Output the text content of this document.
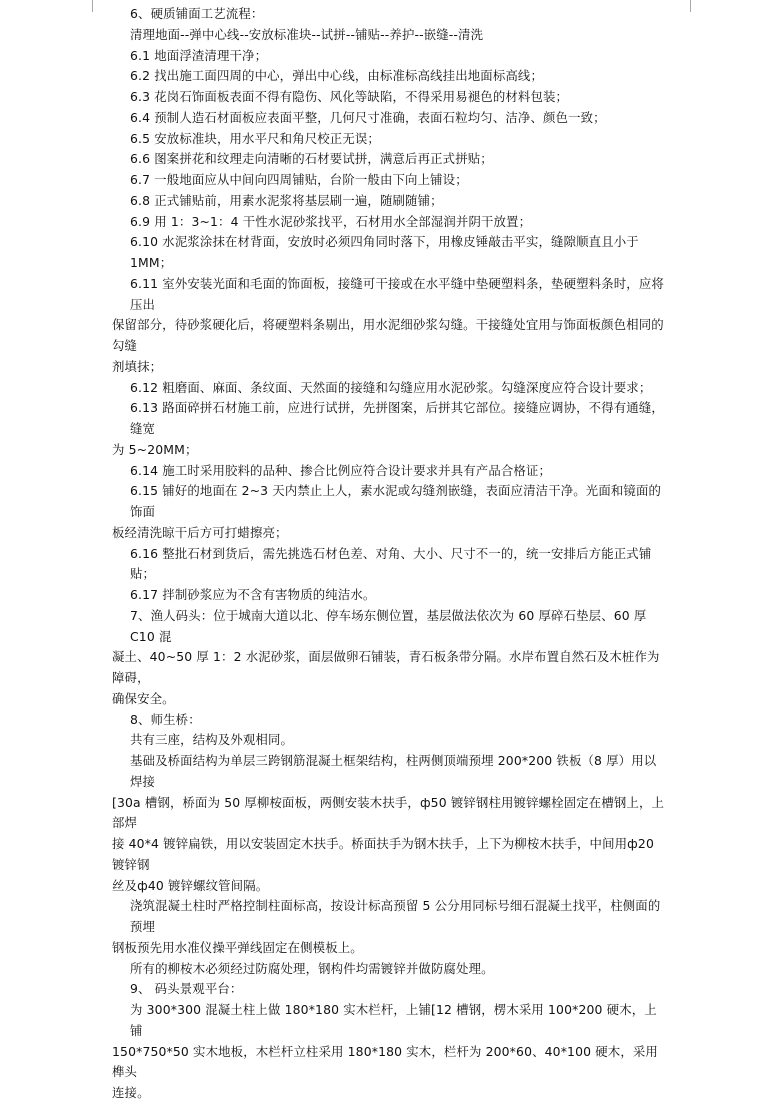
6、硬质铺面工艺流程：

清理地面--弹中心线--安放标准块--试拼--铺贴--养护--嵌缝--清洗

6.1 地面浮渣清理干净；

6.2 找出施工面四周的中心，弹出中心线，由标准标高线挂出地面标高线；

6.3 花岗石饰面板表面不得有隐伤、风化等缺陷，不得采用易褪色的材料包装；

6.4 预制人造石材面板应表面平整，几何尺寸准确，表面石粒均匀、洁净、颜色一致；

6.5 安放标准块，用水平尺和角尺校正无误；

6.6 图案拼花和纹理走向清晰的石材要试拼，满意后再正式拼贴；

6.7 一般地面应从中间向四周铺贴，台阶一般由下向上铺设；

6.8 正式铺贴前，用素水泥浆将基层刷一遍，随刷随铺；

6.9 用 1：3~1：4 干性水泥砂浆找平，石材用水全部湿润并阴干放置；

6.10 水泥浆涂抹在材背面，安放时必须四角同时落下，用橡皮锤敲击平实，缝隙顺直且小于 1MM；

6.11 室外安装光面和毛面的饰面板，接缝可干接或在水平缝中垫硬塑料条，垫硬塑料条时，应将压出

保留部分，待砂浆硬化后，将硬塑料条剔出，用水泥细砂浆勾缝。干接缝处宜用与饰面板颜色相同的勾缝

剂填抹；

6.12 粗磨面、麻面、条纹面、天然面的接缝和勾缝应用水泥砂浆。勾缝深度应符合设计要求；

6.13 路面碎拼石材施工前，应进行试拼，先拼图案，后拼其它部位。接缝应调协，不得有通缝，缝宽

为 5~20MM；

6.14 施工时采用胶料的品种、掺合比例应符合设计要求并具有产品合格证；

6.15 铺好的地面在 2~3 天内禁止上人，素水泥或勾缝剂嵌缝，表面应清洁干净。光面和镜面的饰面

板经清洗晾干后方可打蜡擦亮；

6.16 整批石材到货后，需先挑选石材色差、对角、大小、尺寸不一的，统一安排后方能正式铺贴；

6.17 拌制砂浆应为不含有害物质的纯洁水。

7、渔人码头：位于城南大道以北、停车场东侧位置，基层做法依次为 60 厚碎石垫层、60 厚 C10 混

凝土、40~50 厚 1：2 水泥砂浆，面层做卵石铺装，青石板条带分隔。水岸布置自然石及木桩作为障碍，

确保安全。

8、师生桥：

共有三座，结构及外观相同。

基础及桥面结构为单层三跨钢筋混凝土框架结构，柱两侧顶端预埋 200*200 铁板（8 厚）用以焊接

[30a 槽钢，桥面为 50 厚柳桉面板，两侧安装木扶手，ф50 镀锌钢柱用镀锌螺栓固定在槽钢上，上部焊

接 40*4 镀锌扁铁，用以安装固定木扶手。桥面扶手为钢木扶手，上下为柳桉木扶手，中间用ф20 镀锌钢

丝及ф40 镀锌螺纹管间隔。

浇筑混凝土柱时严格控制柱面标高，按设计标高预留 5 公分用同标号细石混凝土找平，柱侧面的预埋

钢板预先用水准仪操平弹线固定在侧模板上。

所有的柳桉木必须经过防腐处理，钢构件均需镀锌并做防腐处理。

9、 码头景观平台：

为 300*300 混凝土柱上做 180*180 实木栏杆，上铺[12 槽钢，楞木采用 100*200 硬木，上铺

150*750*50 实木地板，木栏杆立柱采用 180*180 实木，栏杆为 200*60、40*100 硬木，采用榫头

连接。
